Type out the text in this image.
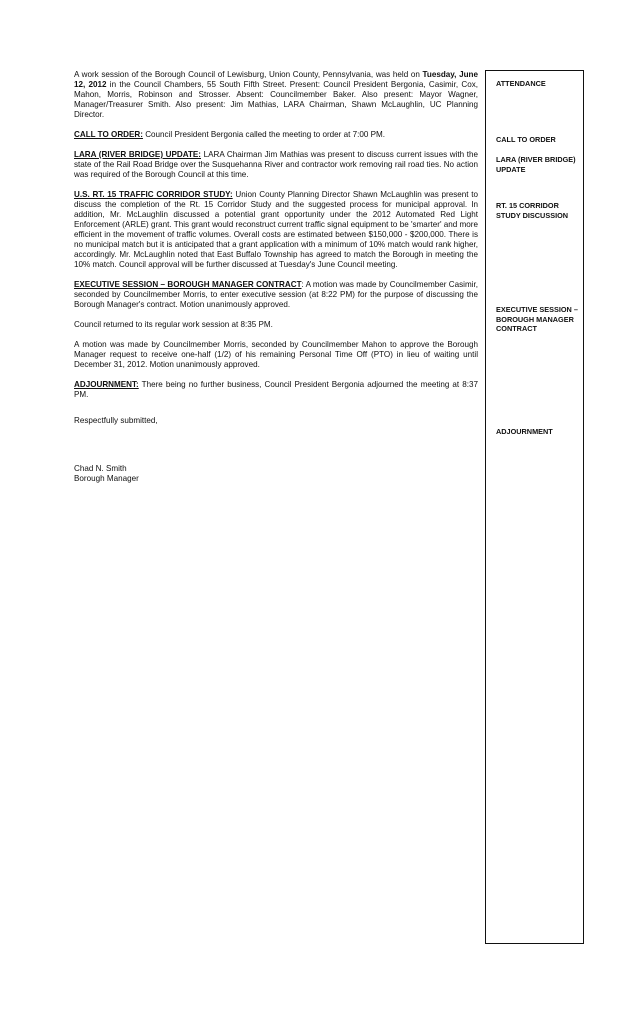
A work session of the Borough Council of Lewisburg, Union County, Pennsylvania, was held on Tuesday, June 12, 2012 in the Council Chambers, 55 South Fifth Street. Present: Council President Bergonia, Casimir, Cox, Mahon, Morris, Robinson and Strosser. Absent: Councilmember Baker. Also present: Mayor Wagner, Manager/Treasurer Smith. Also present: Jim Mathias, LARA Chairman, Shawn McLaughlin, UC Planning Director.

CALL TO ORDER: Council President Bergonia called the meeting to order at 7:00 PM.

LARA (RIVER BRIDGE) UPDATE: LARA Chairman Jim Mathias was present to discuss current issues with the state of the Rail Road Bridge over the Susquehanna River and contractor work removing rail road ties. No action was required of the Borough Council at this time.

U.S. RT. 15 TRAFFIC CORRIDOR STUDY: Union County Planning Director Shawn McLaughlin was present to discuss the completion of the Rt. 15 Corridor Study and the suggested process for municipal approval. In addition, Mr. McLaughlin discussed a potential grant opportunity under the 2012 Automated Red Light Enforcement (ARLE) grant. This grant would reconstruct current traffic signal equipment to be 'smarter' and more efficient in the movement of traffic volumes. Overall costs are estimated between $150,000 - $200,000. There is no municipal match but it is anticipated that a grant application with a minimum of 10% match would rank higher, accordingly. Mr. McLaughlin noted that East Buffalo Township has agreed to match the Borough in meeting the 10% match. Council approval will be further discussed at Tuesday's June Council meeting.

EXECUTIVE SESSION – BOROUGH MANAGER CONTRACT: A motion was made by Councilmember Casimir, seconded by Councilmember Morris, to enter executive session (at 8:22 PM) for the purpose of discussing the Borough Manager's contract. Motion unanimously approved.

Council returned to its regular work session at 8:35 PM.

A motion was made by Councilmember Morris, seconded by Councilmember Mahon to approve the Borough Manager request to receive one-half (1/2) of his remaining Personal Time Off (PTO) in lieu of waiting until December 31, 2012. Motion unanimously approved.

ADJOURNMENT: There being no further business, Council President Bergonia adjourned the meeting at 8:37 PM.

Respectfully submitted,

Chad N. Smith
Borough Manager
ATTENDANCE
CALL TO ORDER
LARA (RIVER BRIDGE) UPDATE
RT. 15 CORRIDOR STUDY DISCUSSION
EXECUTIVE SESSION – BOROUGH MANAGER CONTRACT
ADJOURNMENT
